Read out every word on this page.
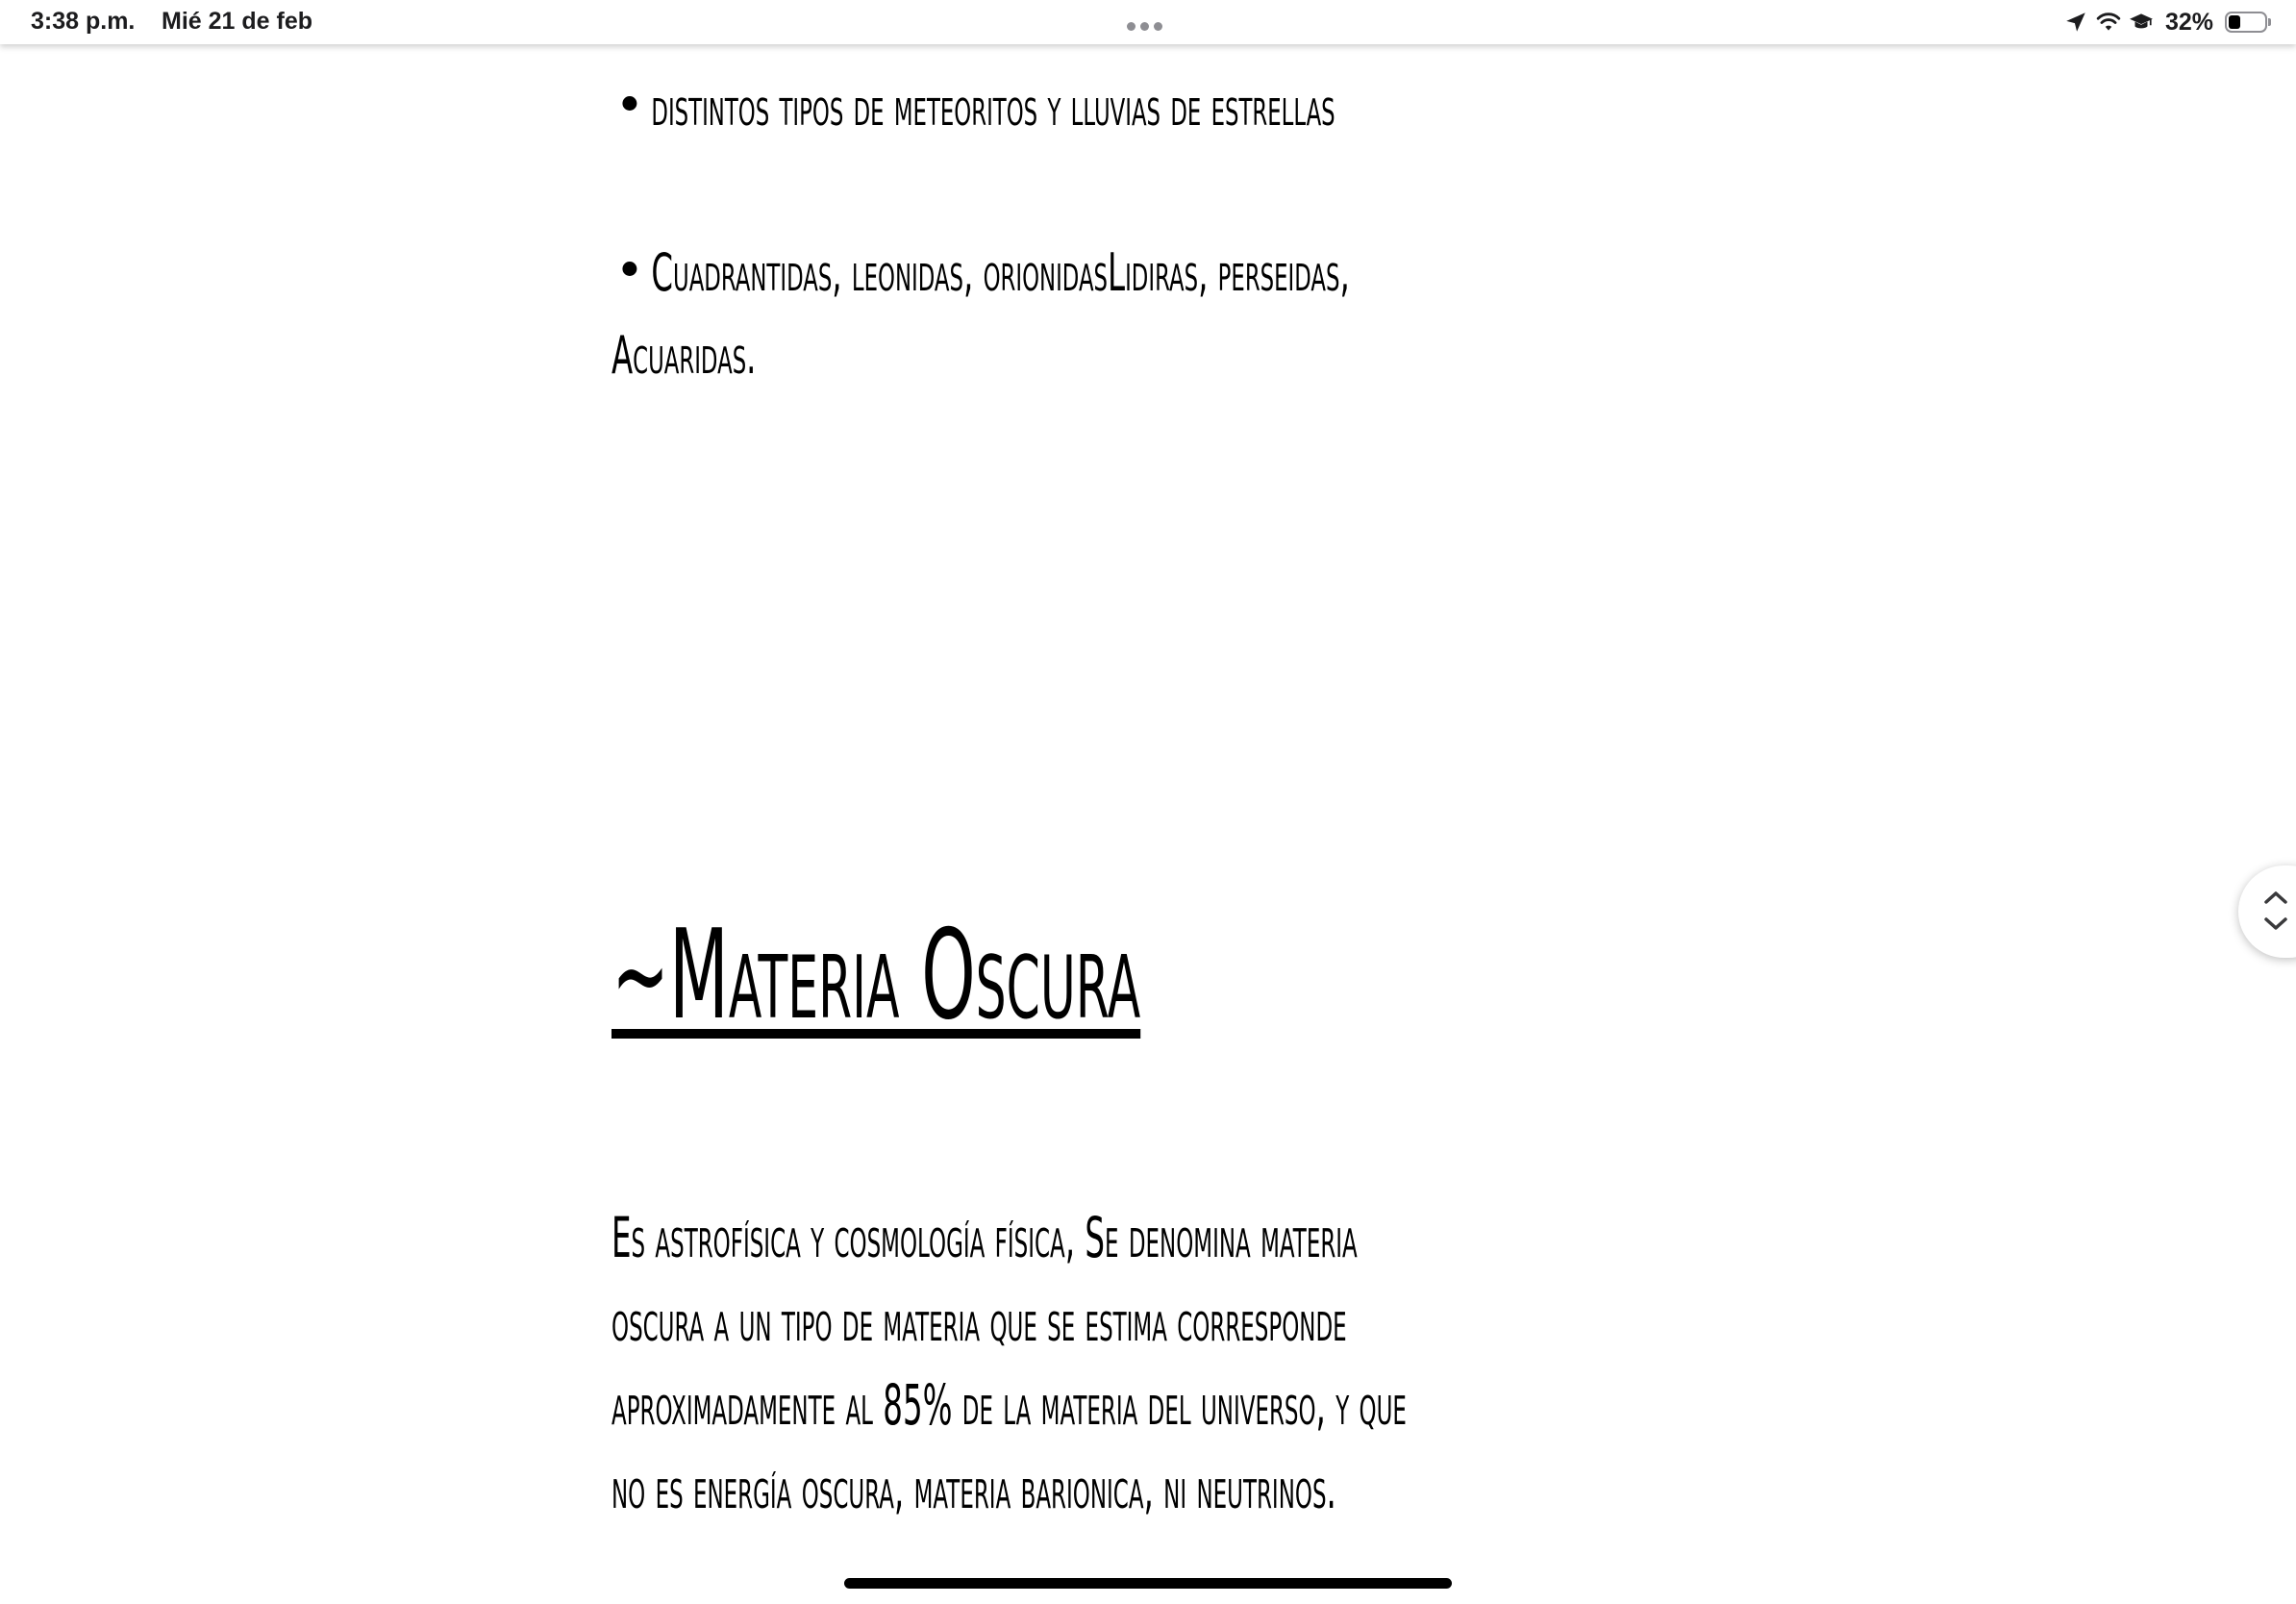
3:38 p.m. Mié 21 de feb	32%
distintos tipos de meteoritos y lluvias de estrellas
Cuadrantidas, leonidas, orionidasLidiras, perseidas,
Acuaridas.
~Materia Oscura
Es astrofísica y cosmología física, Se denomina materia
oscura a un tipo de materia que se estima corresponde
aproximadamente al 85% de la materia del universo, y que
no es energía oscura, materia barionica, ni neutrinos.
